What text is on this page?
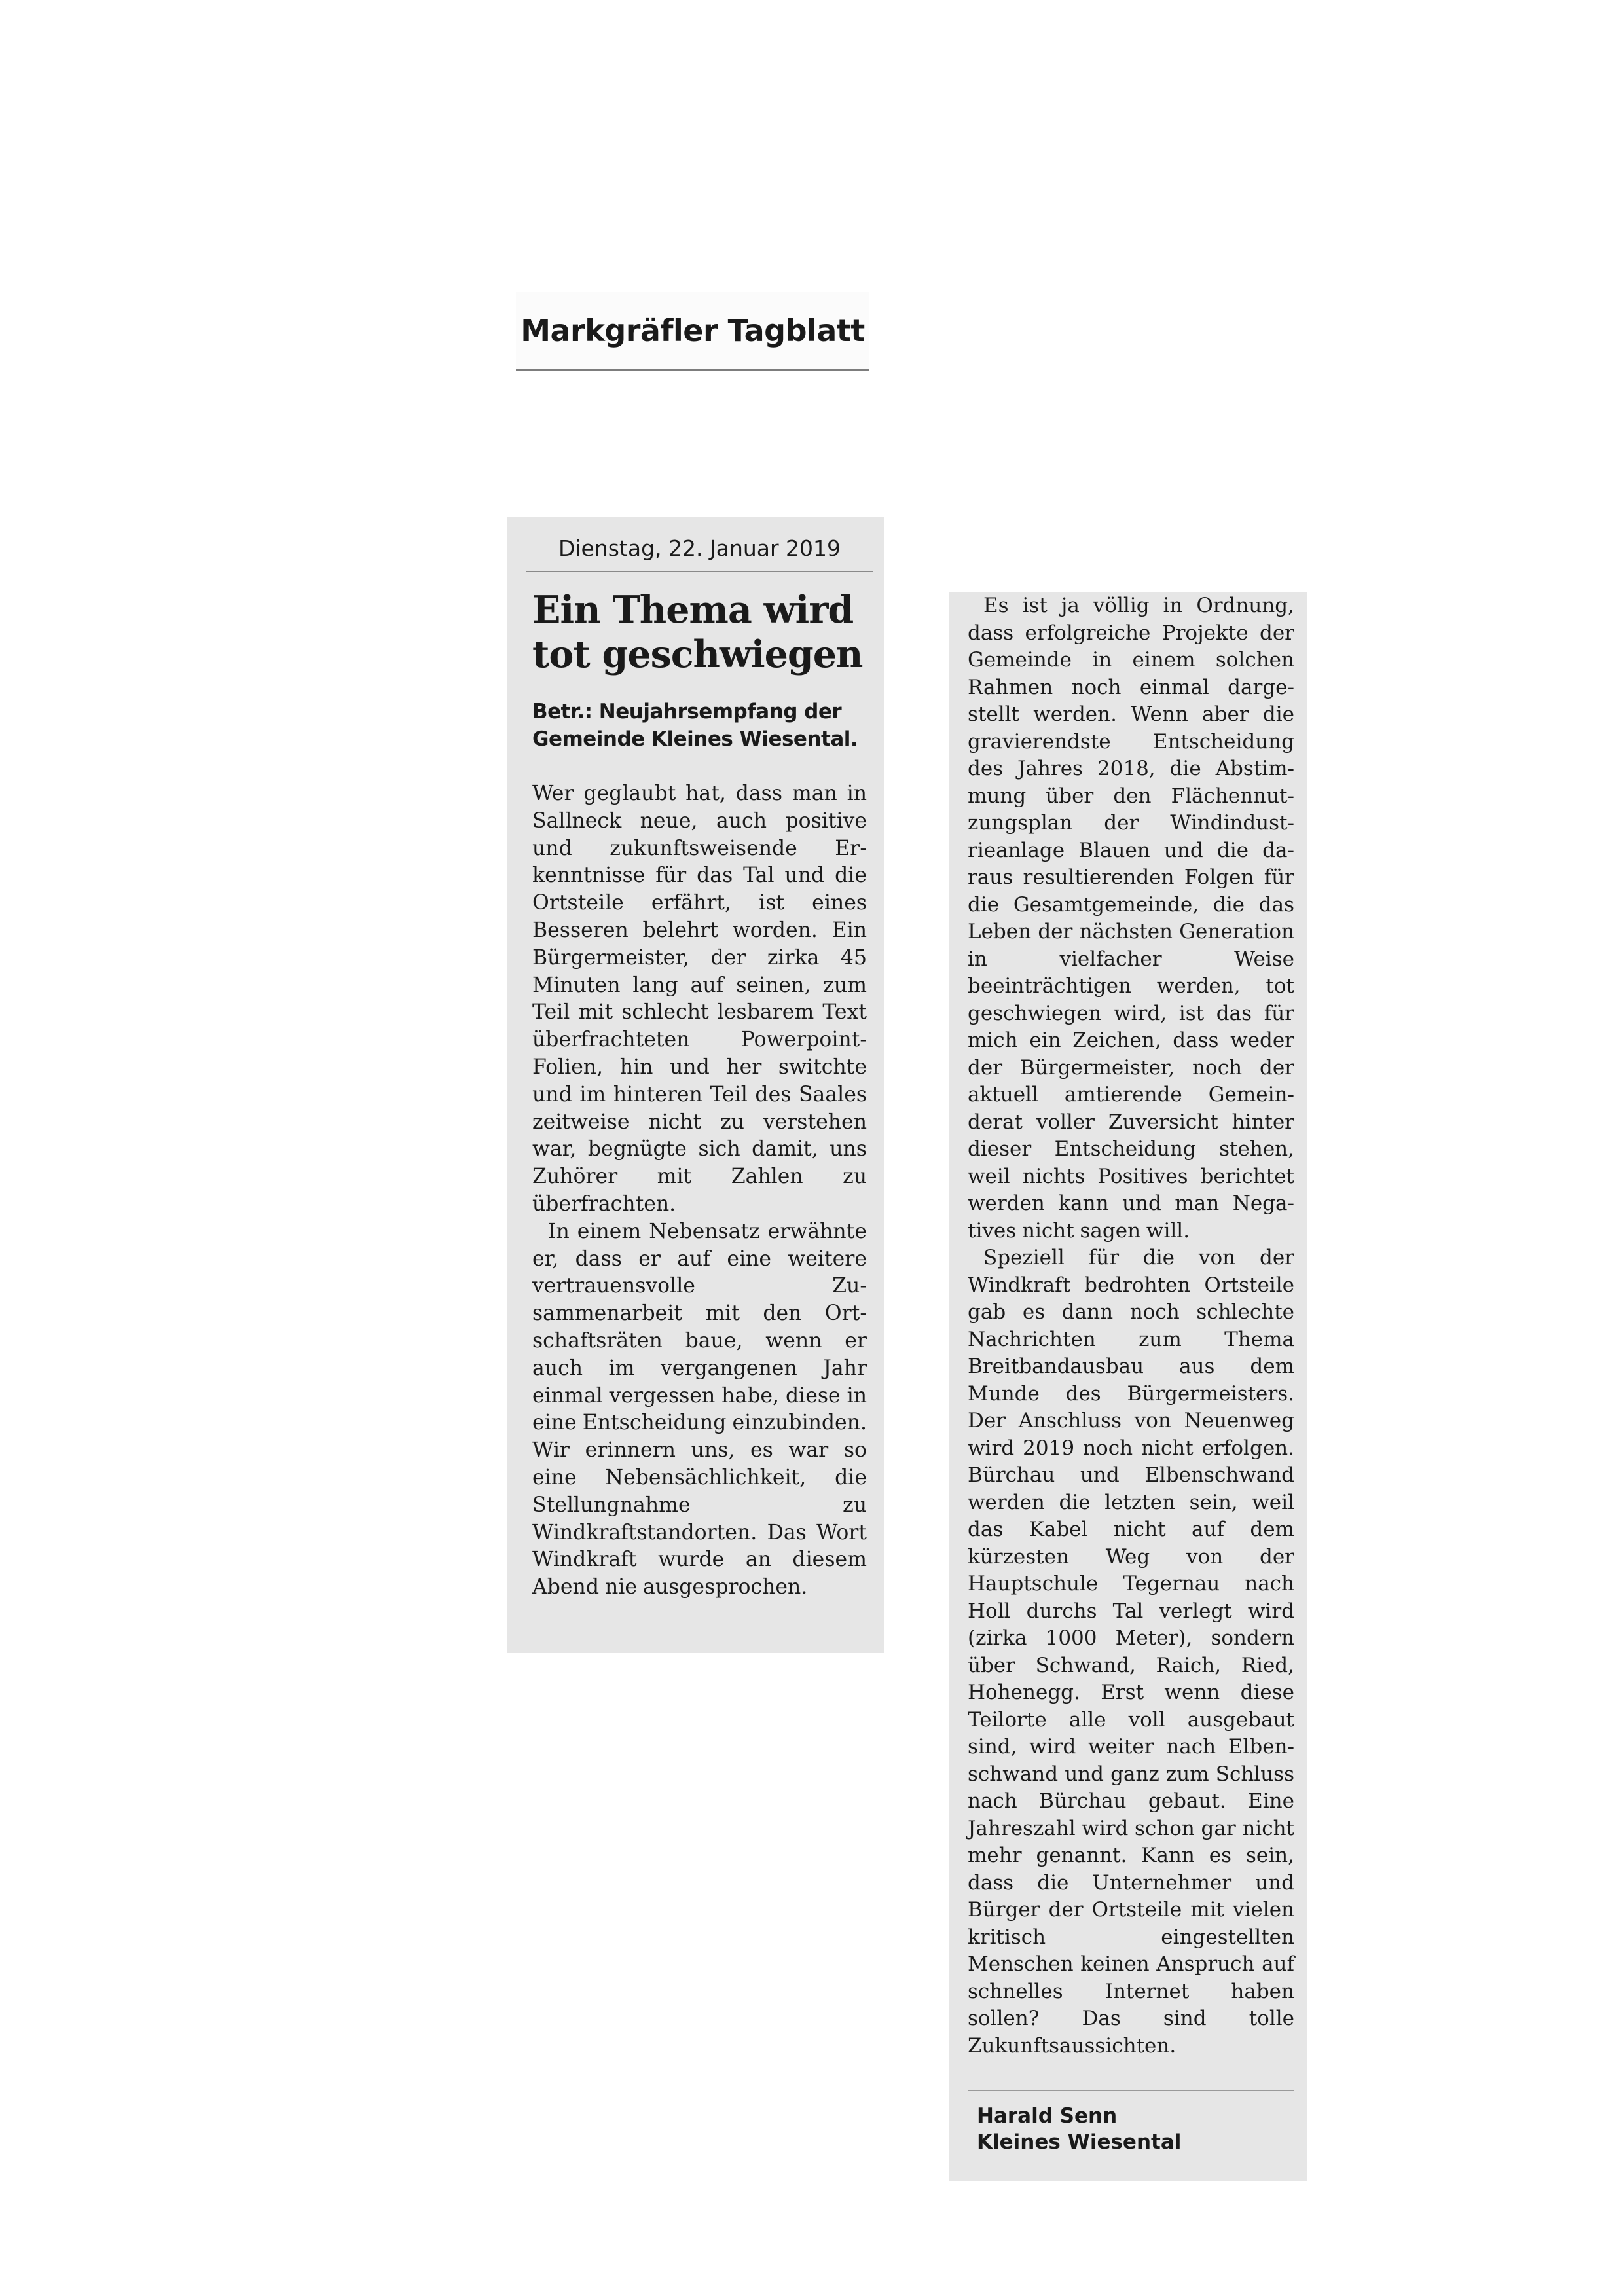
Markgräfler Tagblatt
Dienstag, 22. Januar 2019
Ein Thema wird tot geschwiegen
Betr.: Neujahrsempfang der Gemeinde Kleines Wiesental.

Wer geglaubt hat, dass man in Sallneck neue, auch positive und zukunftsweisende Erkenntnisse für das Tal und die Ortsteile erfährt, ist eines Besseren belehrt worden. Ein Bürgermeister, der zirka 45 Minuten lang auf seinen, zum Teil mit schlecht lesbarem Text überfrachteten Powerpoint-Folien, hin und her switchte und im hinteren Teil des Saales zeitweise nicht zu verstehen war, begnügte sich damit, uns Zuhörer mit Zahlen zu überfrachten.

In einem Nebensatz erwähnte er, dass er auf eine weitere vertrauensvolle Zusammenarbeit mit den Ortschaftsräten baue, wenn er auch im vergangenen Jahr einmal vergessen habe, diese in eine Entscheidung einzubinden. Wir erinnern uns, es war so eine Nebensächlichkeit, die Stellungnahme zu Windkraftstandorten. Das Wort Windkraft wurde an diesem Abend nie ausgesprochen.

Es ist ja völlig in Ordnung, dass erfolgreiche Projekte der Gemeinde in einem solchen Rahmen noch einmal dargestellt werden. Wenn aber die gravierendste Entscheidung des Jahres 2018, die Abstimmung über den Flächennutzungsplan der Windindustrieanlage Blauen und die daraus resultierenden Folgen für die Gesamtgemeinde, die das Leben der nächsten Generation in vielfacher Weise beeinträchtigen werden, tot geschwiegen wird, ist das für mich ein Zeichen, dass weder der Bürgermeister, noch der aktuell amtierende Gemeinderat voller Zuversicht hinter dieser Entscheidung stehen, weil nichts Positives berichtet werden kann und man Negatives nicht sagen will.

Speziell für die von der Windkraft bedrohten Ortsteile gab es dann noch schlechte Nachrichten zum Thema Breitbandausbau aus dem Munde des Bürgermeisters. Der Anschluss von Neuenweg wird 2019 noch nicht erfolgen. Bürchau und Elbenschwand werden die letzten sein, weil das Kabel nicht auf dem kürzesten Weg von der Hauptschule Tegernau nach Holl durchs Tal verlegt wird (zirka 1000 Meter), sondern über Schwand, Raich, Ried, Hohenegg. Erst wenn diese Teilorte alle voll ausgebaut sind, wird weiter nach Elbenschwand und ganz zum Schluss nach Bürchau gebaut. Eine Jahreszahl wird schon gar nicht mehr genannt. Kann es sein, dass die Unternehmer und Bürger der Ortsteile mit vielen kritisch eingestellten Menschen keinen Anspruch auf schnelles Internet haben sollen? Das sind tolle Zukunftsaussichten.

Harald Senn
Kleines Wiesental
